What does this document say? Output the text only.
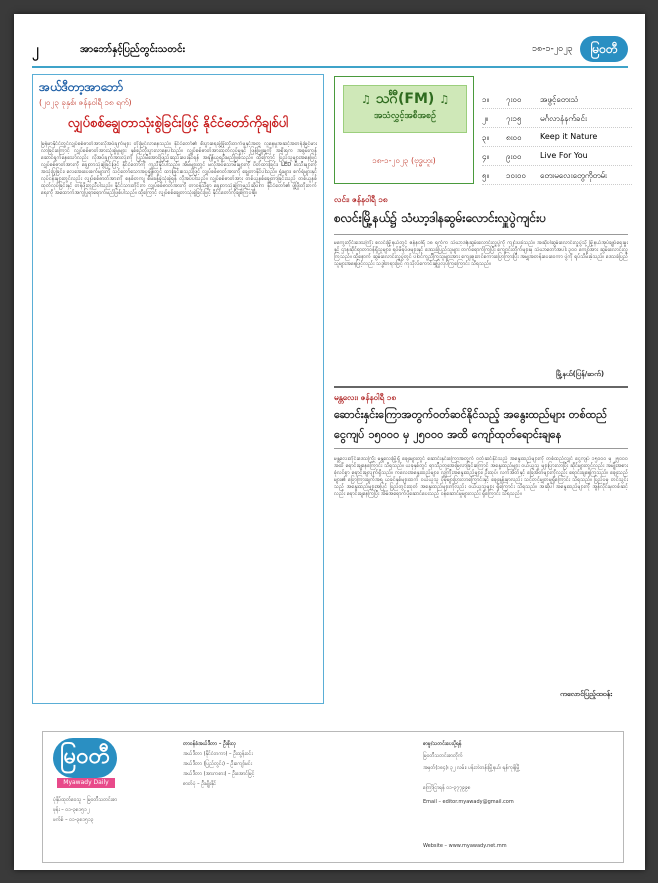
၂	အာဘော်နှင့်ပြည်တွင်းသတင်း	၁၈-၁-၂၀၂၃	မြဝတီ
အယ်ဒီတာ့အာဘော်
(၂၀၂၃ ခုနှစ်၊ ဇန်နဝါရီ ၁၈ ရက်)
လျှပ်စစ်ချွေတာသုံးစွဲခြင်းဖြင့် နိုင်ငံတော်ကိုချစ်ပါ
မြန်မာနိုင်ငံတွင်လျှပ်စစ်ဓာတ်အားလိုအပ်ချက်များ တိုးမြင့်လာနေသည်။ နိုင်ငံတော်၏ စီးပွားရေးဖွံ့ဖြိုးတိုးတက်မှုနှင့်အတူ လူနေမှုအဆင့်အတန်းမြင့်မားလာခြင်းကြောင့် လျှပ်စစ်ဓာတ်အားသုံးစွဲမှုများ နှစ်စဉ်တိုးပွားလာနေပါသည်။ လျှပ်စစ်ဓာတ်အားထုတ်လုပ်မှုနှင့် ဖြန့်ဖြူးမှုကို အစိုးရက အစွမ်းကုန်ဆောင်ရွက်နေသော်လည်း လိုအပ်ချက်အားလုံးကို ပြည့်မီအောင်ဖြည့်ဆည်းပေးနိုင်ရန် အချိန်ယူရဦးမည်ဖြစ်သည်။ ထို့ကြောင့် ပြည်သူများအနေဖြင့် လျှပ်စစ်ဓာတ်အားကို ချွေတာသုံးစွဲခြင်းဖြင့် နိုင်ငံတော်ကို ကူညီနိုင်ပါသည်။ အိမ်များတွင် မလိုအပ်သောမီးများကို ပိတ်ထားခြင်း၊ LED မီးသီးများကို အသုံးပြုခြင်း၊ လေအေးပေးစက်များကို သင့်တော်သောအပူချိန်တွင် ထားခြင်းစသည်ဖြင့် လျှပ်စစ်ဓာတ်အားကို ချွေတာနိုင်ပါသည်။ ရုံးများ၊ စက်ရုံများနှင့် လုပ်ငန်းများတွင်လည်း လျှပ်စစ်ဓာတ်အားကို စနစ်တကျ စီမံခန့်ခွဲသုံးစွဲရန် လိုအပ်ပါသည်။ လျှပ်စစ်ဓာတ်အား တစ်ယူနစ်ချွေတာခြင်းသည် တစ်ယူနစ်ထုတ်လုပ်ခြင်းနှင့် တန်ဖိုးတူညီပါသည်။ နိုင်ငံသားတိုင်းက လျှပ်စစ်ဓာတ်အားကို တာဝန်သိစွာ ချွေတာသုံးစွဲကြမည်ဆိုပါက နိုင်ငံတော်၏ ဖွံ့ဖြိုးတိုးတက်ရေးကို အထောက်အကူပြုရာရောက်မည်ဖြစ်ပါသည်။ ထို့ကြောင့် လျှပ်စစ်ချွေတာသုံးစွဲခြင်းဖြင့် နိုင်ငံတော်ကိုချစ်ကြပါစို့။
♫ သင်္ဂီ(FM) ♫
အသံလွှင့်အစီအစဉ်
၁၈-၁-၂၀၂၃ (ဗုဒ္ဓဟူး)
၁။	၇း၀၀	အဖွင့်တေးသံ
၂။	၇း၁၅	မင်္ဂလာနံနက်ခင်း
၃။	၈း၀၀	Keep it Nature
၄။	၉း၀၀	Live For You
၅။	၁၀း၀၀	တေးမလေးတွေကိုတမ်း
လင်း၊ ဇန်နဝါရီ ၁၈
စလင်းမြို့နယ်၌ သံဃာ့ဒါနဆွမ်းလောင်းလှူပွဲကျင်းပ
မကွေးတိုင်းဒေသကြီး စလင်းမြို့နယ်တွင် ဇန်နဝါရီ ၁၈ ရက်က သံဃာ့ဒါနဆွမ်းလောင်းလှူပွဲကို ကျင်းပခဲ့သည်။ အဆိုပါဆွမ်းလောင်းလှူပွဲသို့ မြို့နယ်အုပ်ချုပ်ရေးမှူးနှင့် ဌာနဆိုင်ရာတာဝန်ရှိသူများ၊ ရပ်မိရပ်ဖများနှင့် ဒေသခံပြည်သူများ တက်ရောက်ကြပြီး ကျောင်းတိုက်များမှ သံဃာတော်အပါး ၃၀၀ ကျော်အား ဆွမ်းလောင်းလှူကြသည်။ ထို့နောက် ဆွမ်းလောင်းလှူပွဲတွင် ပါဝင်ကူညီကြသူများအား ကျေးဇူးတင်စကားပြောကြားပြီး အမျှအတန်းပေးဝေကာ ပွဲကို ရုပ်သိမ်းခဲ့သည်။ ဒေသခံပြည်သူများအနေဖြင့်လည်း သဒ္ဓါတရားဖြင့် ကုသိုလ်ကောင်းမှုပြုလုပ်ကြကြောင်း သိရသည်။
မြို့နယ်(ပြန်/ဆက်)
မန္တလေး၊ ဇန်နဝါရီ ၁၈
ဆောင်းနှင်းကြောအတွက်ဝတ်ဆင်နိုင်သည့် အနွေးထည်များ တစ်ထည်
ငွေကျပ် ၁၅၀၀၀ မှ ၂၅၀၀၀ အထိ ကျော်ထုတ်ရောင်းချနေ
မန္တလေးတိုင်းဒေသကြီး မန္တလေးမြို့ရှိ ဈေးများတွင် ဆောင်းနှင်းကြောအတွက် ဝတ်ဆင်နိုင်သည့် အနွေးထည်များကို တစ်ထည်လျှင် ငွေကျပ် ၁၅၀၀၀ မှ ၂၅၀၀၀ အထိ ရောင်းချနေကြောင်း သိရသည်။ ယခုနှစ်တွင် ရာသီဥတုအေးမြလာခြင်းကြောင့် အနွေးထည်များ ဝယ်ယူသူ များပြားလာပြီး ဆိုင်များတွင်လည်း အမျိုးအစားစုံလင်စွာ ရောင်းချလျက်ရှိသည်။ ကလေးအနွေးထည်များ၊ လူကြီးအနွေးထည်များ၊ ဦးထုပ်၊ လက်အိတ်နှင့် ခြေအိတ်များကိုလည်း ရောင်းချနေကြသည်။ ဈေးသည်များ၏ ပြောကြားချက်အရ ယခင်နှစ်များထက် ဝယ်ယူသူ ပိုမိုများပြားလာကြောင်းနှင့် ဈေးနှုန်းမှာလည်း သင့်တင့်မျှတမှုရှိကြောင်း သိရသည်။ ပြည်ပမှ တင်သွင်းသည့် အနွေးထည်များအပြင် ပြည်တွင်းထုတ် အနွေးထည်များကိုလည်း ဝယ်ယူသူများ ရှိကြောင်း သိရသည်။ အဆိုပါ အနွေးထည်များကို အွန်လိုင်းမှတစ်ဆင့်လည်း ရောင်းချနေကြပြီး အိမ်အရောက်ပို့ဆောင်ပေးသည့် ဝန်ဆောင်မှုများလည်း ရှိကြောင်း သိရသည်။
ကလောင်ပြည့်ထဝန်း
မြဝတီ
Myawady Daily
ပုံနှိပ်ထုတ်ဝေသူ – မြဝတီသတင်းစာ
ဖုန်း – ၀၁-၃၈၁၅၁၂
ဖက်စ် – ၀၁-၃၈၁၅၁၃
တာဝန်ခံအယ်ဒီတာ – ဦးစိုးလှ
အယ်ဒီတာ (နိုင်ငံတကာ) – ဦးထွန်းဝင်း
အယ်ဒီတာ (ပြည်တွင်း) – ဦးကျော်မင်း
အယ်ဒီတာ (အားကစား) – ဦးအောင်မြင့်
ဓာတ်ပုံ – ဦးမျိုးနိုင်
စာမူ/သတင်းပေးပို့ရန်
မြဝတီသတင်းစာတိုက်
အမှတ်(၁၈၄)၊ ၃၂ လမ်း၊ ပန်းဘဲတန်းမြို့နယ်၊ ရန်ကုန်မြို့
ကြော်ငြာရန် ၀၁-၃၇၇၉၉၈
Email – editor.myawady@gmail.com
Website – www.myawady.net.mm
